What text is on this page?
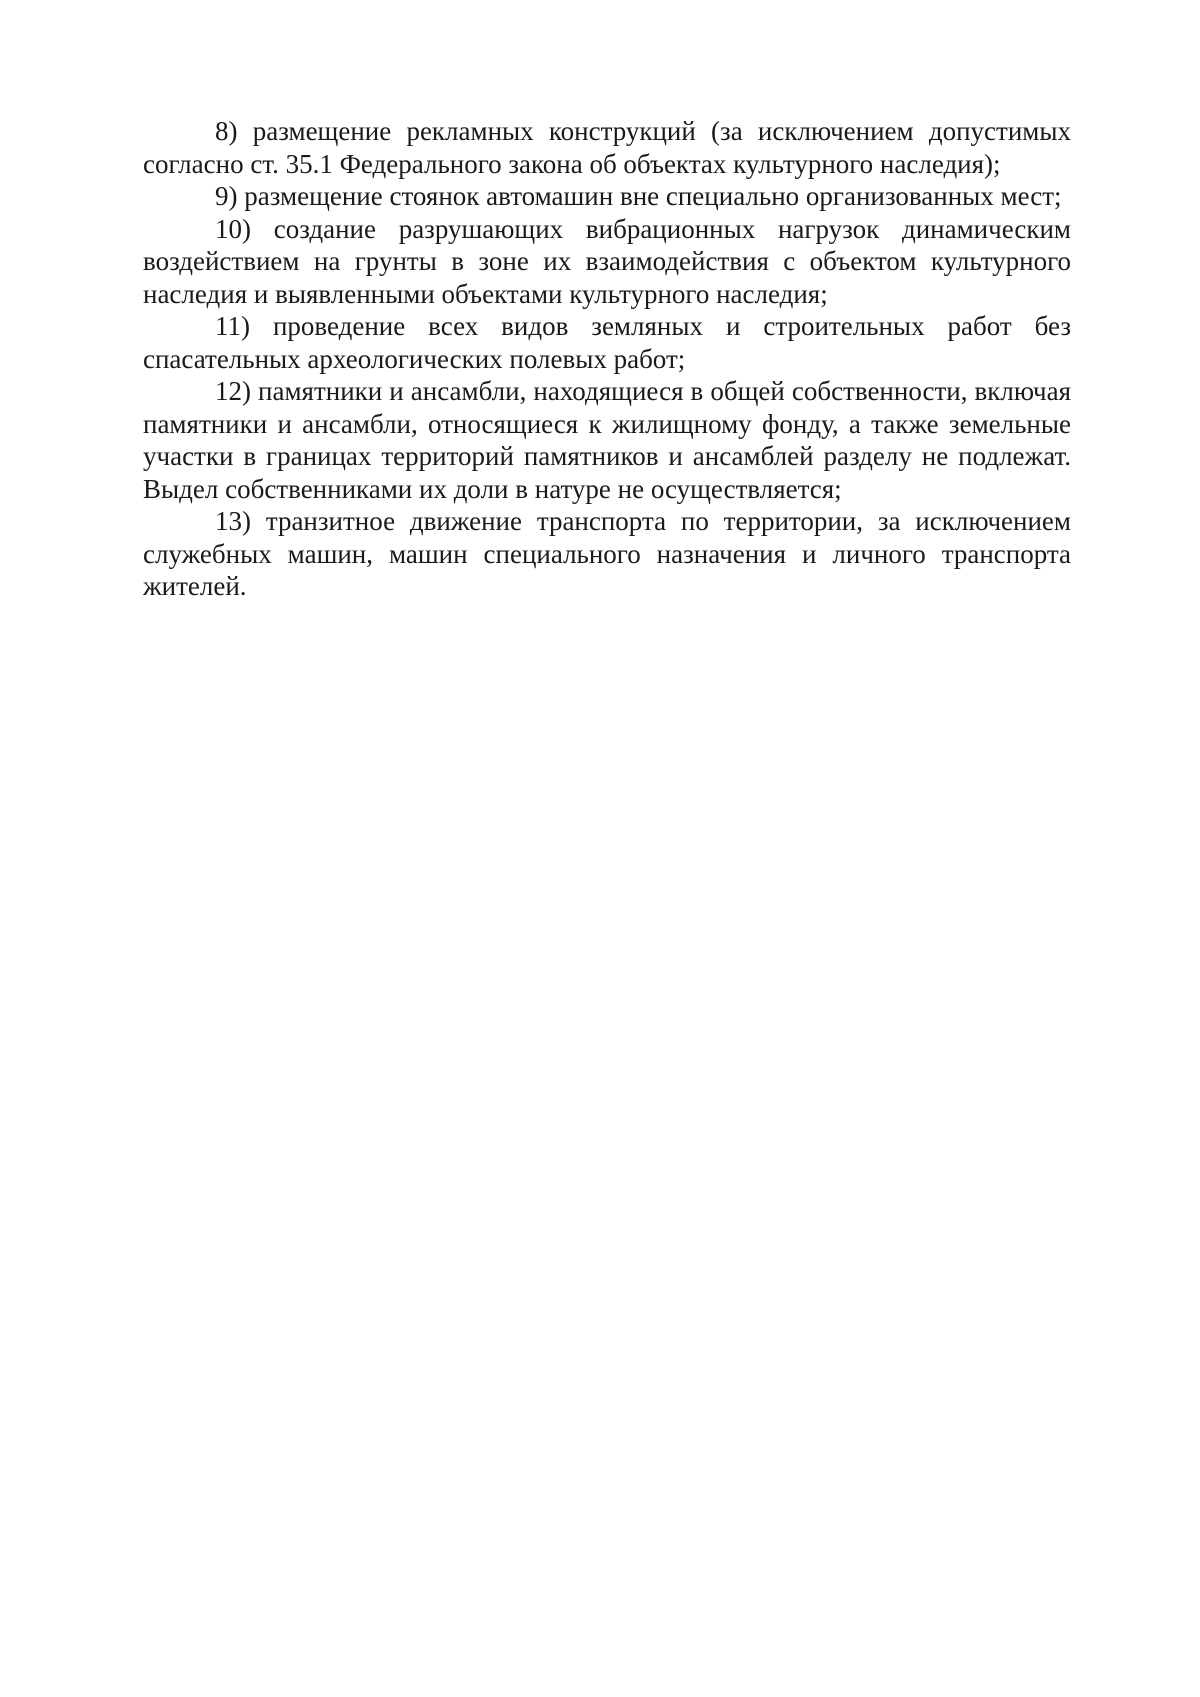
8) размещение рекламных конструкций (за исключением допустимых согласно ст. 35.1 Федерального закона об объектах культурного наследия);

9) размещение стоянок автомашин вне специально организованных мест;

10) создание разрушающих вибрационных нагрузок динамическим воздействием на грунты в зоне их взаимодействия с объектом культурного наследия и выявленными объектами культурного наследия;

11) проведение всех видов земляных и строительных работ без спасательных археологических полевых работ;

12) памятники и ансамбли, находящиеся в общей собственности, включая памятники и ансамбли, относящиеся к жилищному фонду, а также земельные участки в границах территорий памятников и ансамблей разделу не подлежат. Выдел собственниками их доли в натуре не осуществляется;

13) транзитное движение транспорта по территории, за исключением служебных машин, машин специального назначения и личного транспорта жителей.
